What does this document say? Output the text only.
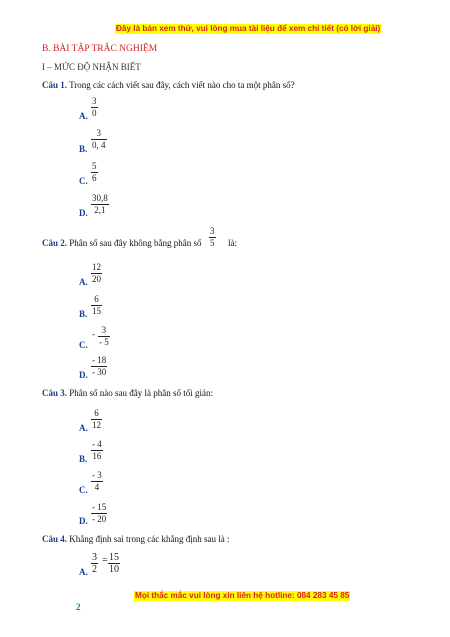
Đây là bản xem thử, vui lòng mua tài liệu để xem chi tiết (có lời giải)
B. BÀI TẬP TRẮC NGHIỆM
I – MỨC ĐỘ NHẬN BIẾT
Câu 1. Trong các cách viết sau đây, cách viết nào cho ta một phân số?
$\frac{3}{0}$
A.
$\frac{3}{0, 4}$
B.
$\frac{5}{6}$
C.
$\frac{30,8}{2,1}$
D.
$\frac{3}{5}$
Câu 2. Phân số sau đây không bằng phân số	là:
$\frac{12}{20}$
A.
$\frac{6}{15}$
B.
- $\frac{3}{- 5}$
C.
$\frac{- 18}{- 30}$
D.
Câu 3. Phân số nào sau đây là phân số tối giản:
$\frac{6}{12}$
A.
$\frac{- 4}{16}$
B.
$\frac{- 3}{4}$
C.
$\frac{- 15}{- 20}$
D.
Câu 4. Khẳng định sai trong các khẳng định sau là :
$\frac{3}{2} = \frac{15}{10}$
A.
Mọi thắc mắc vui lòng xin liên hệ hotline: 084 283 45 85
2
